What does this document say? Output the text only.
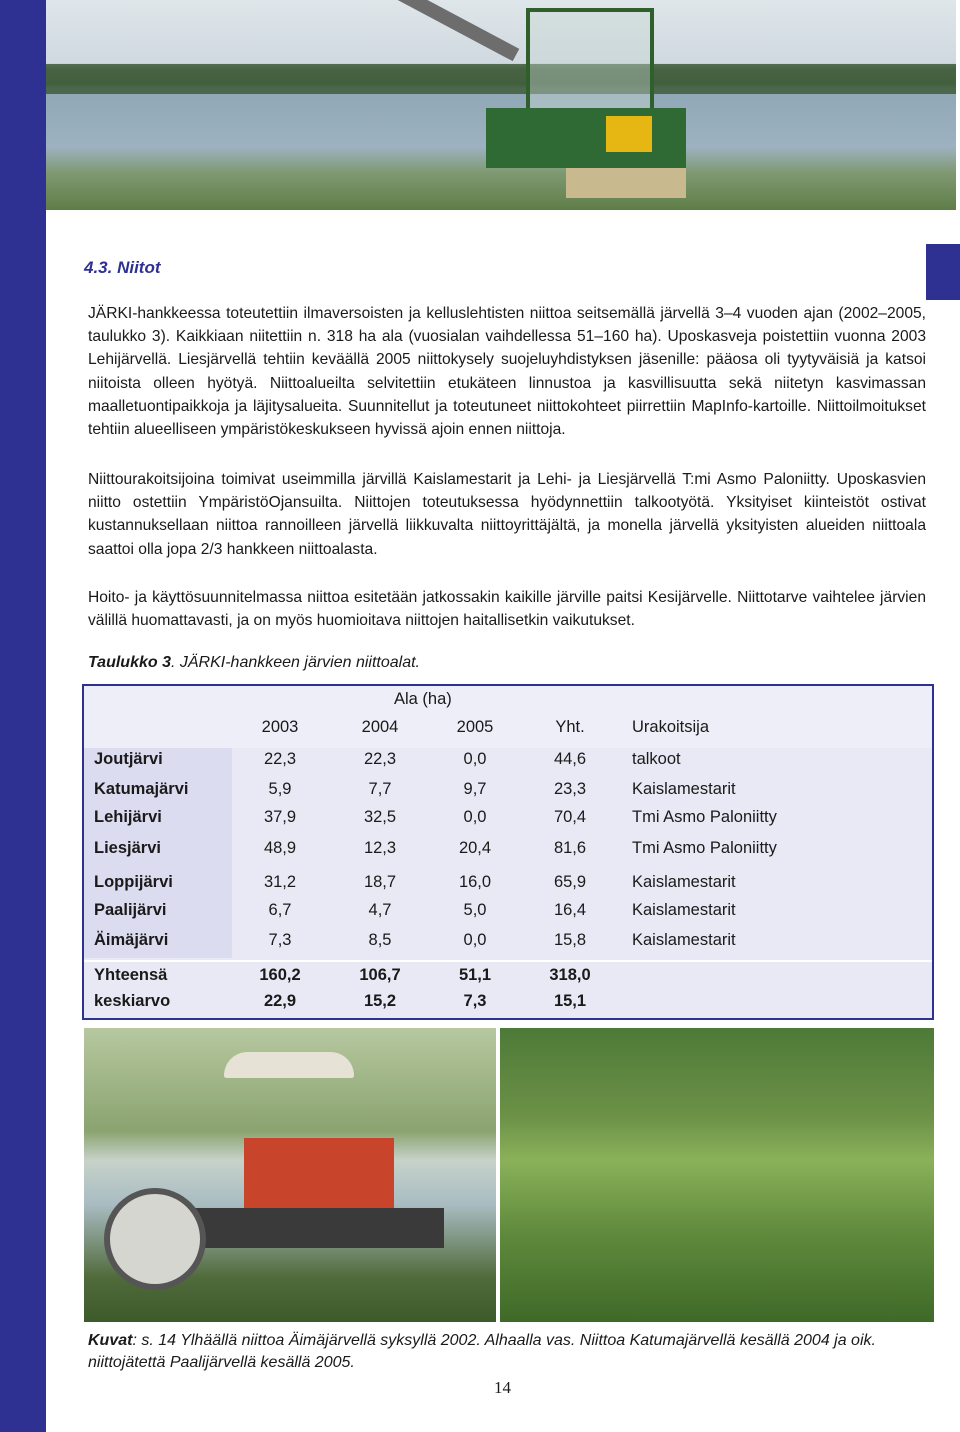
4.3. Niitot
JÄRKI-hankkeessa toteutettiin ilmaversoisten ja kelluslehtisten niittoa seitsemällä järvellä 3–4 vuoden ajan (2002–2005, taulukko 3). Kaikkiaan niitettiin n. 318 ha ala (vuosialan vaihdellessa 51–160 ha). Uposkasveja poistettiin vuonna 2003 Lehijärvellä. Liesjärvellä tehtiin keväällä 2005 niittokysely suojeluyhdistyksen jäsenille: pääosa oli tyytyväisiä ja katsoi niitoista olleen hyötyä. Niittoalueilta selvitettiin etukäteen linnustoa ja kasvillisuutta sekä niitetyn kasvimassan maalletuontipaikkoja ja läjitysalueita. Suunnitellut ja toteutuneet niittokohteet piirrettiin MapInfo-kartoille. Niittoilmoitukset tehtiin alueelliseen ympäristökeskukseen hyvissä ajoin ennen niittoja.
Niittourakoitsijoina toimivat useimmilla järvillä Kaislamestarit ja Lehi- ja Liesjärvellä T:mi Asmo Paloniitty. Uposkasvien niitto ostettiin YmpäristöOjansuilta. Niittojen toteutuksessa hyödynnettiin talkootyötä. Yksityiset kiinteistöt ostivat kustannuksellaan niittoa rannoilleen järvellä liikkuvalta niittoyrittäjältä, ja monella järvellä yksityisten alueiden niittoala saattoi olla jopa 2/3 hankkeen niittoalasta.
Hoito- ja käyttösuunnitelmassa niittoa esitetään jatkossakin kaikille järville paitsi Kesijärvelle. Niittotarve vaihtelee järvien välillä huomattavasti, ja on myös huomioitava niittojen haitallisetkin vaikutukset.
Taulukko 3. JÄRKI-hankkeen järvien niittoalat.
Ala (ha)
2003	2004	2005	Yht.	Urakoitsija
Joutjärvi	22,3	22,3	0,0	44,6	talkoot
Katumajärvi	5,9	7,7	9,7	23,3	Kaislamestarit
Lehijärvi	37,9	32,5	0,0	70,4	Tmi Asmo Paloniitty
Liesjärvi	48,9	12,3	20,4	81,6	Tmi Asmo Paloniitty
Loppijärvi	31,2	18,7	16,0	65,9	Kaislamestarit
Paalijärvi	6,7	4,7	5,0	16,4	Kaislamestarit
Äimäjärvi	7,3	8,5	0,0	15,8	Kaislamestarit
Yhteensä	160,2	106,7	51,1	318,0
keskiarvo	22,9	15,2	7,3	15,1
Kuvat: s. 14 Ylhäällä niittoa Äimäjärvellä syksyllä 2002. Alhaalla vas. Niittoa Katumajärvellä kesällä 2004 ja oik. niittojätettä Paalijärvellä kesällä 2005.
14
